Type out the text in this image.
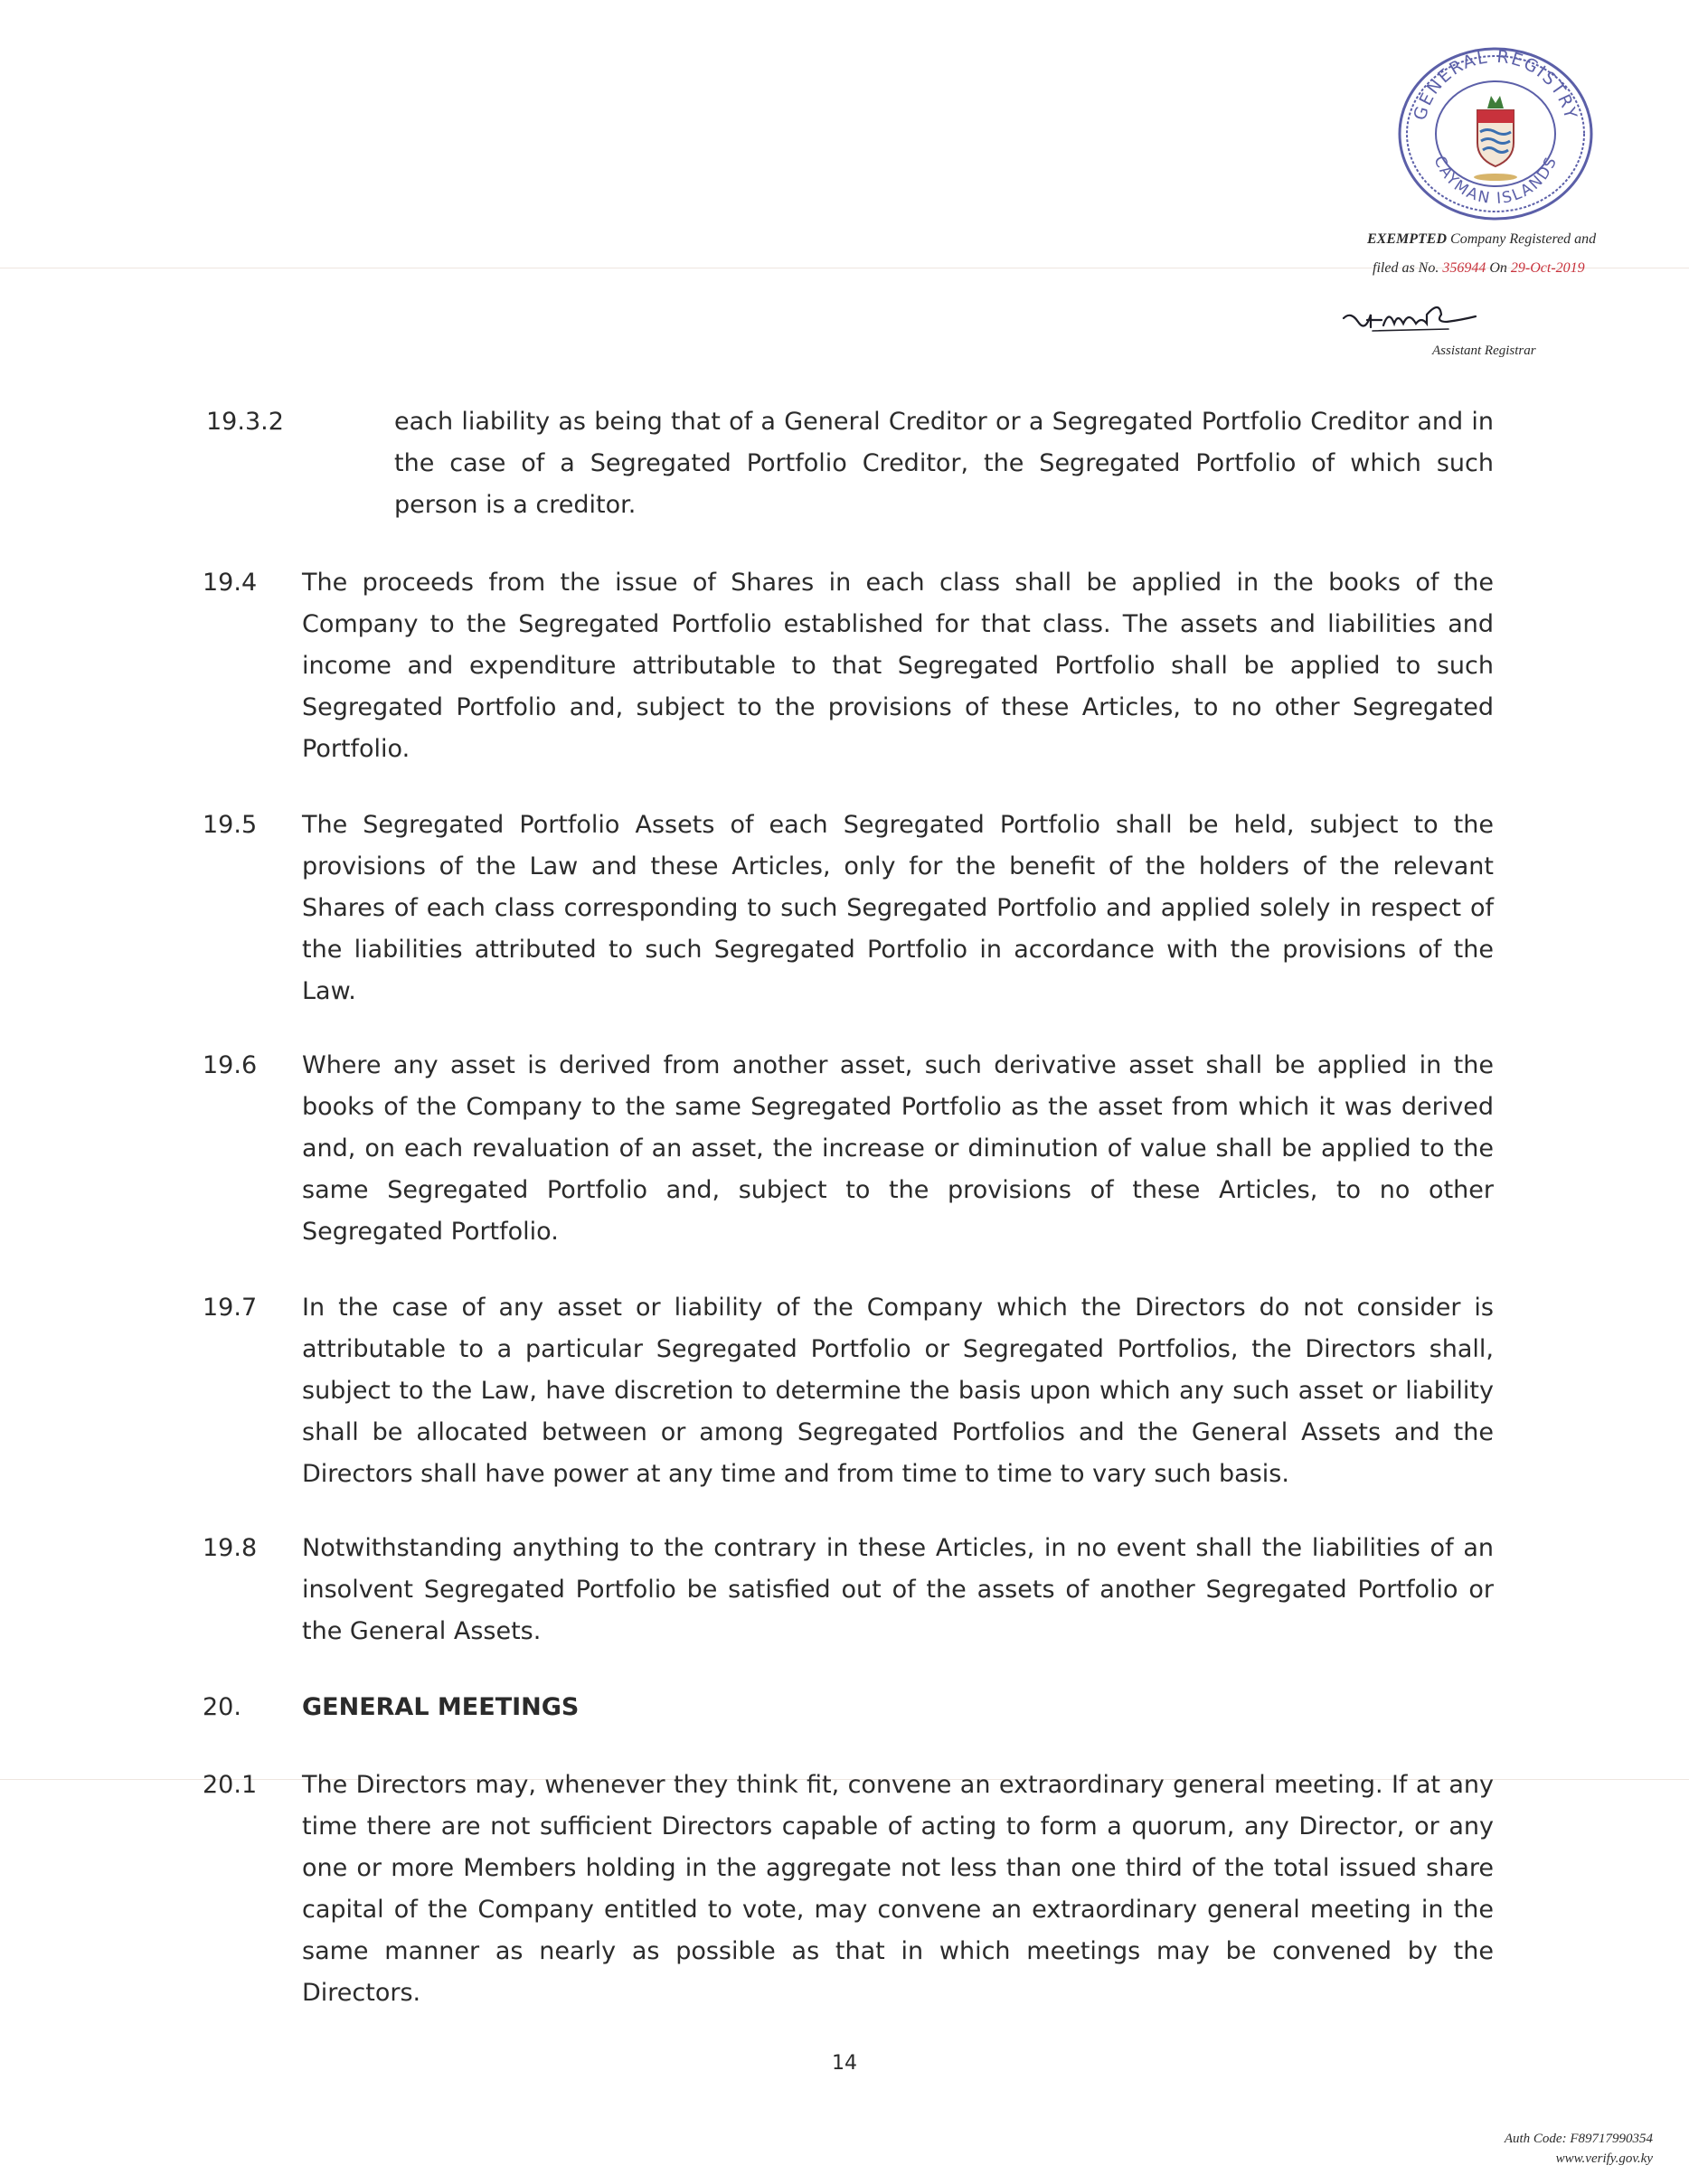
GENERAL REGISTRY
CAYMAN ISLANDS
EXEMPTED Company Registered and
filed as No. 356944 On 29-Oct-2019
Assistant Registrar
19.3.2	each liability as being that of a General Creditor or a Segregated Portfolio Creditor and in the case of a Segregated Portfolio Creditor, the Segregated Portfolio of which such person is a creditor.
19.4 The proceeds from the issue of Shares in each class shall be applied in the books of the Company to the Segregated Portfolio established for that class. The assets and liabilities and income and expenditure attributable to that Segregated Portfolio shall be applied to such Segregated Portfolio and, subject to the provisions of these Articles, to no other Segregated Portfolio.
19.5 The Segregated Portfolio Assets of each Segregated Portfolio shall be held, subject to the provisions of the Law and these Articles, only for the benefit of the holders of the relevant Shares of each class corresponding to such Segregated Portfolio and applied solely in respect of the liabilities attributed to such Segregated Portfolio in accordance with the provisions of the Law.
19.6 Where any asset is derived from another asset, such derivative asset shall be applied in the books of the Company to the same Segregated Portfolio as the asset from which it was derived and, on each revaluation of an asset, the increase or diminution of value shall be applied to the same Segregated Portfolio and, subject to the provisions of these Articles, to no other Segregated Portfolio.
19.7 In the case of any asset or liability of the Company which the Directors do not consider is attributable to a particular Segregated Portfolio or Segregated Portfolios, the Directors shall, subject to the Law, have discretion to determine the basis upon which any such asset or liability shall be allocated between or among Segregated Portfolios and the General Assets and the Directors shall have power at any time and from time to time to vary such basis.
19.8 Notwithstanding anything to the contrary in these Articles, in no event shall the liabilities of an insolvent Segregated Portfolio be satisfied out of the assets of another Segregated Portfolio or the General Assets.
20. GENERAL MEETINGS
20.1 The Directors may, whenever they think fit, convene an extraordinary general meeting. If at any time there are not sufficient Directors capable of acting to form a quorum, any Director, or any one or more Members holding in the aggregate not less than one third of the total issued share capital of the Company entitled to vote, may convene an extraordinary general meeting in the same manner as nearly as possible as that in which meetings may be convened by the Directors.
14
Auth Code: F89717990354
www.verify.gov.ky
